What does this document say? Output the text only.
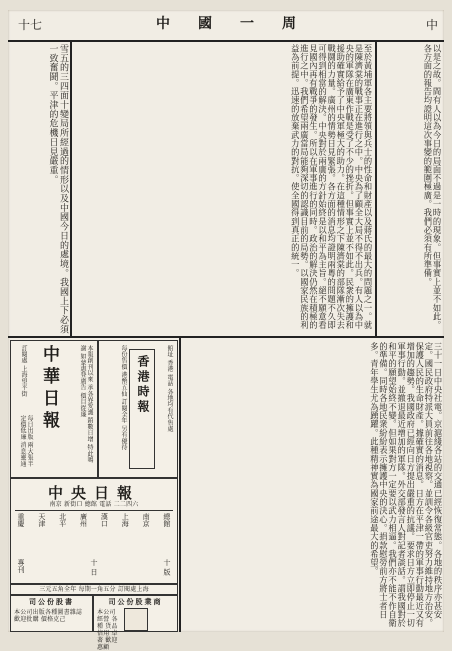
十七	中國一周	中
雪五的三四面十變局所經過的情形以及中國今日的處境。我國上下必須一致奮鬪。平津的危機日見嚴重。	至於黃埔軍各主要將領與兵士的性命和財產以及蔣氏的最大的問題之一。就是陳濟棠的戰事正在進行之中。中央為了顧全大局不得不出兵。有人以為中央的軍隊在廣東作戰是受了不少的挫折。但事實上並不如此。民衆的擁護和援助確實給予了中央軍極大的助力。在這種情形之下陳濟棠的部隊漸次失去戰鬪的力量。廣州的情勢日見緊張。各方面的消息均證明兩粵的問題不久即可得到相當的解決。中央對於兩廣的方針始終是以和平為主旨。絕不願意看見國內再有戰爭的發生。所以在軍事進行的同時。政治的解決仍然在積極的進行之中。我們希望兩廣當局能夠深切的認識目前的局勢。以國家民族的利益為前提。迅速的放棄武力的對抗。使全國得到真正的統一。	以是之故。間有人以為今日的局面不過是一時的現象。但事實上並不如此。各方面的報告均證明這次事變的範圍極廣。我們必須有所準備。
三十一日中央社電。京滬綫各站的交通已經恢復常態。各地的秩序亦甚安定。國民政府特派大員前往各地視察。並訓令各級官吏努力維持地方治安。保護人民的生命財產。據確實的消息。日方在平津一帶的軍事行動最近又有增加的趨勢。我國政府已經向日方提出嚴重的抗議。要求日方立即停止一切軍事行動。並撤退最近增加的軍隊。外交部發言人對記者談話。謂我國對於和平的願望始終不變。但如果對方一定要以武力相逼。我們亦不能不作自衛的準備。同時各地民衆紛紛表示擁護中央的決心。捐款慰勞前方將士者日多。青年學生尤為踴躍。此種精神實為國家前途最大的希望。
訂閱處 上海望平街 中華日報	本報創刊以來 承各界愛護 銷數日增 特此鳴謝 如蒙惠登廣告 價目從廉
每日出版 兩大張半 定價低廉 消息靈通	每份售價 港幣五仙 訂閱全年 另有優待 香港時報	館址 香港 電話 各地均有代售處
中央日報
南京 新街口 總館 電話 二二四六
總館
南京
上海
漢口
廣州
北平
天津
重慶
專刊	十 日	十 版
三元五角全年 每期一角五分 訂閱處上海
司公份股書
本公司出版各種圖書雜誌 歡迎批購 價格克己
司公份股業商
本公司 經營 各種 貨品 信用 卓著 歡迎 惠顧
